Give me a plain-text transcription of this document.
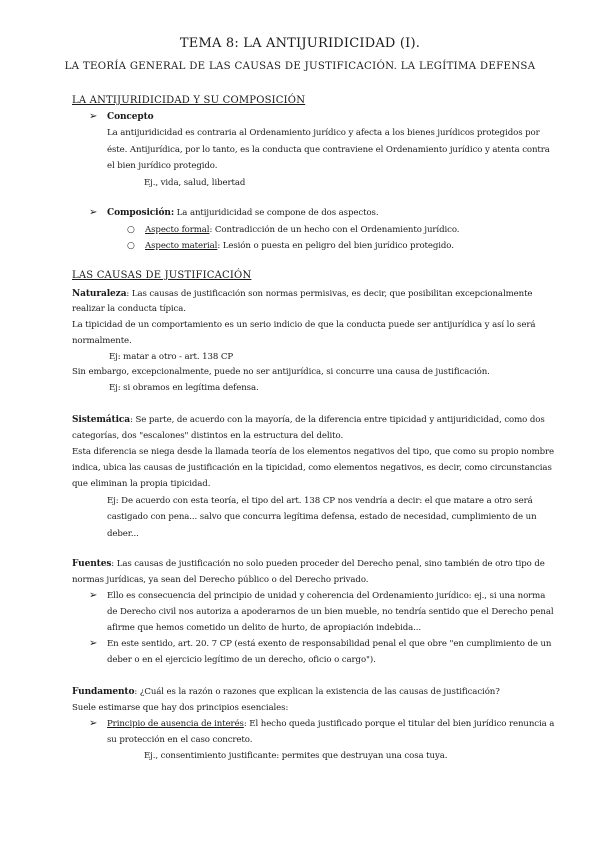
TEMA 8: LA ANTIJURIDICIDAD (I).
LA TEORÍA GENERAL DE LAS CAUSAS DE JUSTIFICACIÓN. LA LEGÍTIMA DEFENSA
LA ANTIJURIDICIDAD Y SU COMPOSICIÓN
➢ Concepto
La antijuridicidad es contraria al Ordenamiento jurídico y afecta a los bienes jurídicos protegidos por
éste. Antijurídica, por lo tanto, es la conducta que contraviene el Ordenamiento jurídico y atenta contra
el bien jurídico protegido.
Ej., vida, salud, libertad
➢ Composición: La antijuridicidad se compone de dos aspectos.
○ Aspecto formal: Contradicción de un hecho con el Ordenamiento jurídico.
○ Aspecto material: Lesión o puesta en peligro del bien jurídico protegido.
LAS CAUSAS DE JUSTIFICACIÓN
Naturaleza: Las causas de justificación son normas permisivas, es decir, que posibilitan excepcionalmente
realizar la conducta típica.
La tipicidad de un comportamiento es un serio indicio de que la conducta puede ser antijurídica y así lo será
normalmente.
Ej: matar a otro - art. 138 CP
Sin embargo, excepcionalmente, puede no ser antijurídica, si concurre una causa de justificación.
Ej: si obramos en legítima defensa.
Sistemática: Se parte, de acuerdo con la mayoría, de la diferencia entre tipicidad y antijuridicidad, como dos
categorías, dos "escalones" distintos en la estructura del delito.
Esta diferencia se niega desde la llamada teoría de los elementos negativos del tipo, que como su propio nombre
indica, ubica las causas de justificación en la tipicidad, como elementos negativos, es decir, como circunstancias
que eliminan la propia tipicidad.
Ej: De acuerdo con esta teoría, el tipo del art. 138 CP nos vendría a decir: el que matare a otro será
castigado con pena... salvo que concurra legítima defensa, estado de necesidad, cumplimiento de un
deber...
Fuentes: Las causas de justificación no solo pueden proceder del Derecho penal, sino también de otro tipo de
normas jurídicas, ya sean del Derecho público o del Derecho privado.
➢ Ello es consecuencia del principio de unidad y coherencia del Ordenamiento jurídico: ej., si una norma
de Derecho civil nos autoriza a apoderarnos de un bien mueble, no tendría sentido que el Derecho penal
afirme que hemos cometido un delito de hurto, de apropiación indebida...
➢ En este sentido, art. 20. 7 CP (está exento de responsabilidad penal el que obre "en cumplimiento de un
deber o en el ejercicio legítimo de un derecho, oficio o cargo").
Fundamento: ¿Cuál es la razón o razones que explican la existencia de las causas de justificación?
Suele estimarse que hay dos principios esenciales:
➢ Principio de ausencia de interés: El hecho queda justificado porque el titular del bien jurídico renuncia a
su protección en el caso concreto.
Ej., consentimiento justificante: permites que destruyan una cosa tuya.
